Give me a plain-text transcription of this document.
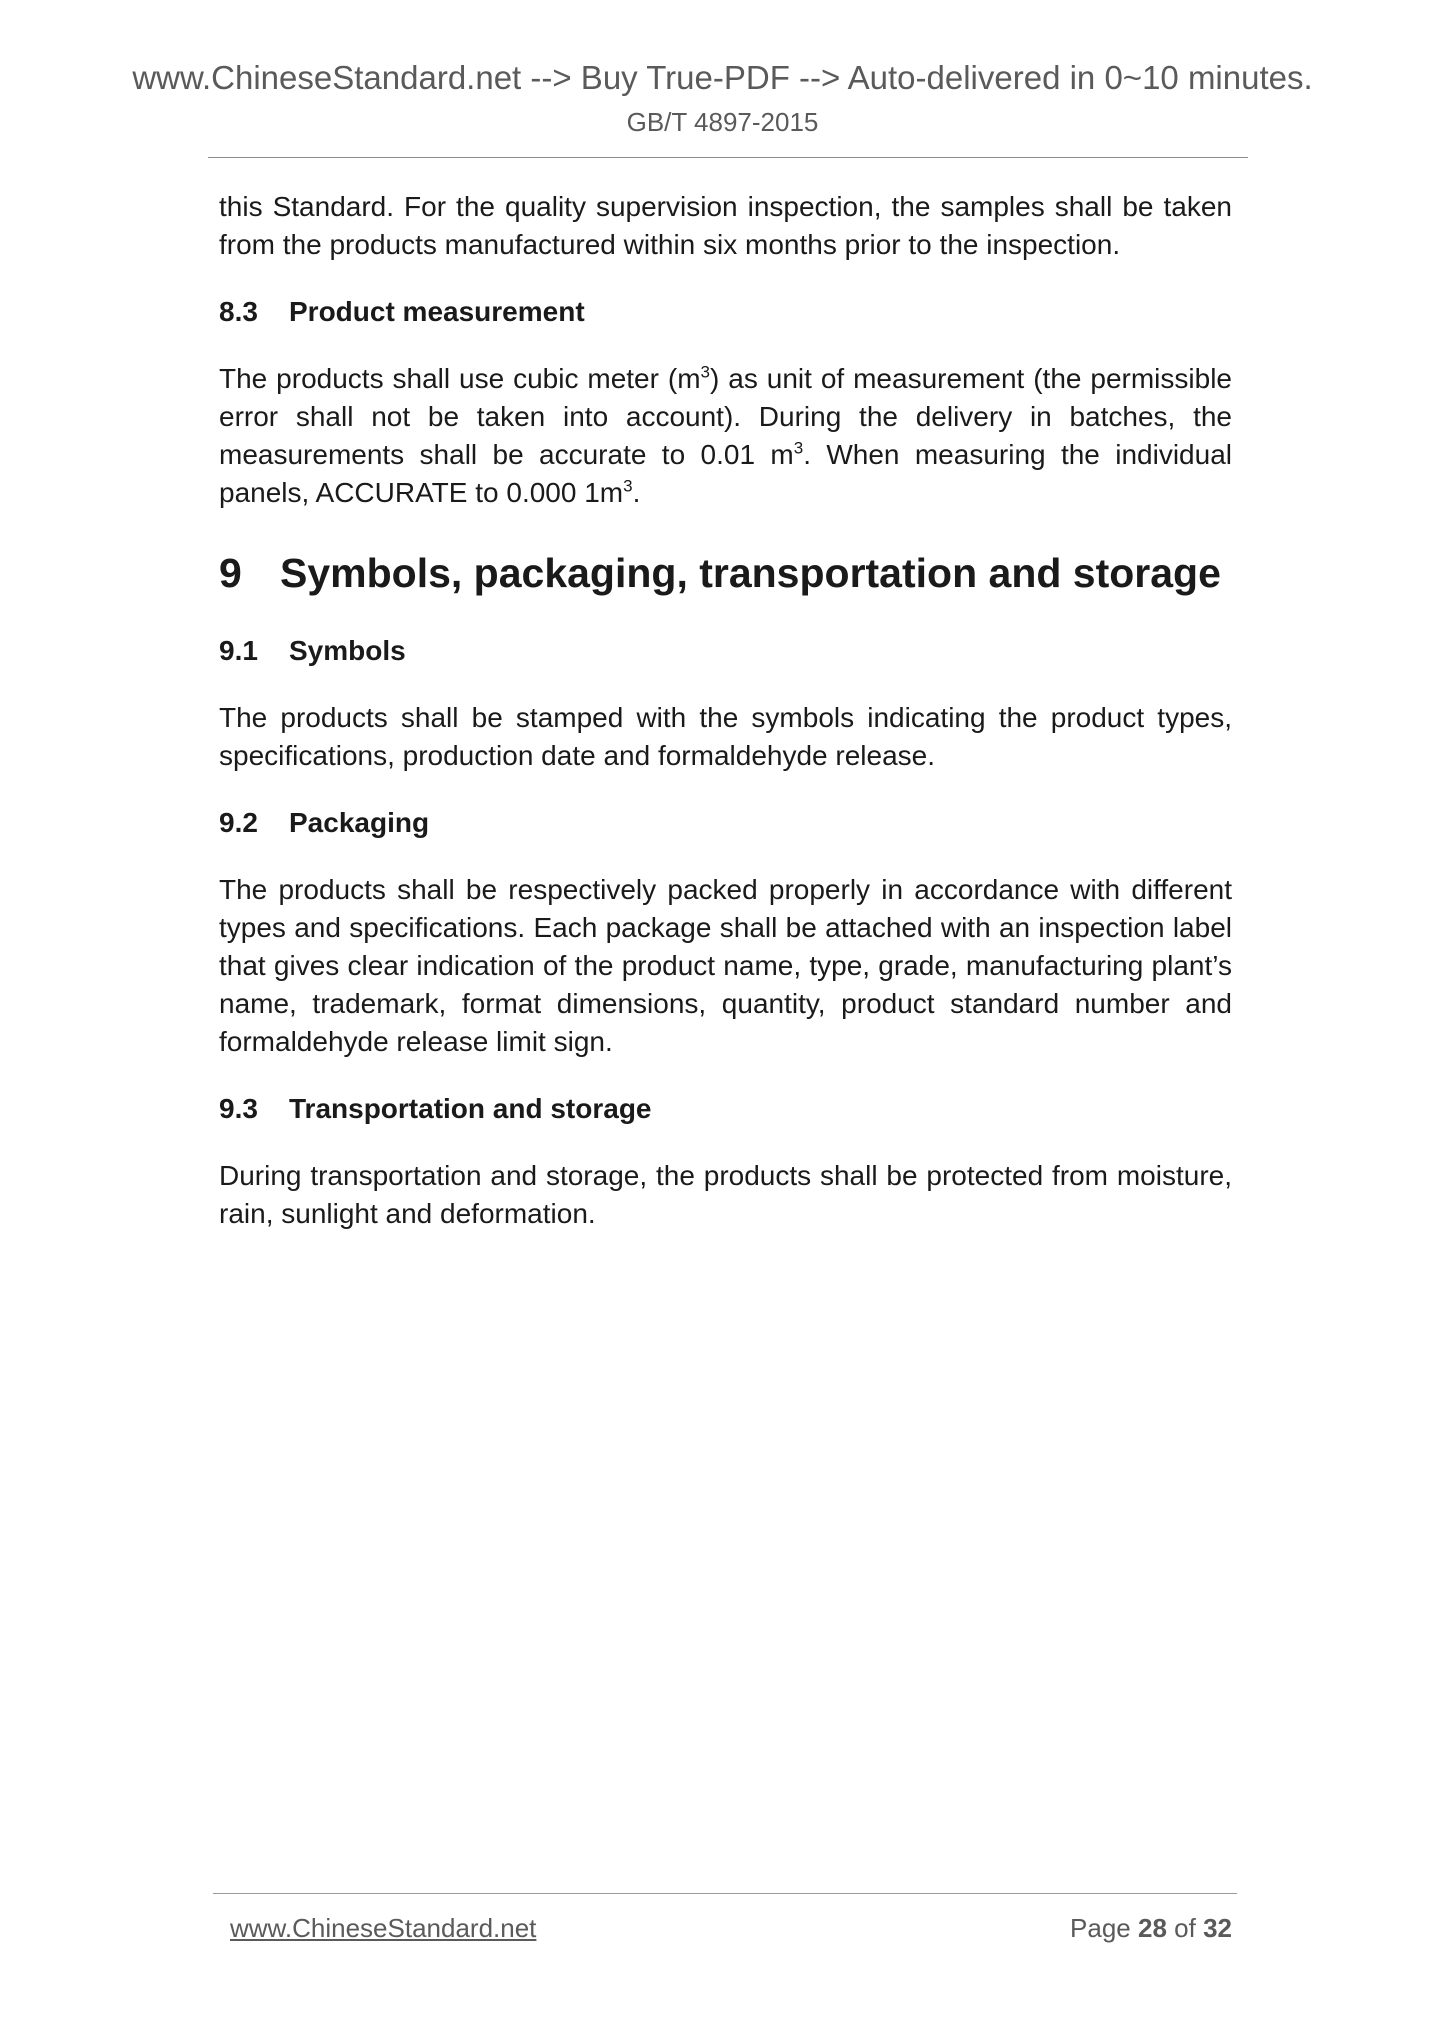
www.ChineseStandard.net --> Buy True-PDF --> Auto-delivered in 0~10 minutes.
GB/T 4897-2015

this Standard. For the quality supervision inspection, the samples shall be taken from the products manufactured within six months prior to the inspection.

8.3	Product measurement

The products shall use cubic meter $(m^3)$ as unit of measurement (the permissible error shall not be taken into account). During the delivery in batches, the measurements shall be accurate to 0.01 $m^3$. When measuring the individual panels, ACCURATE to 0.000 $1m^3$.

9 Symbols, packaging, transportation and storage
9.1	Symbols

The products shall be stamped with the symbols indicating the product types, specifications, production date and formaldehyde release.

9.2	Packaging

The products shall be respectively packed properly in accordance with different types and specifications. Each package shall be attached with an inspection label that gives clear indication of the product name, type, grade, manufacturing plant’s name, trademark, format dimensions, quantity, product standard number and formaldehyde release limit sign.

9.3	Transportation and storage

During transportation and storage, the products shall be protected from moisture, rain, sunlight and deformation.

www.ChineseStandard.net	Page 28 of 32
